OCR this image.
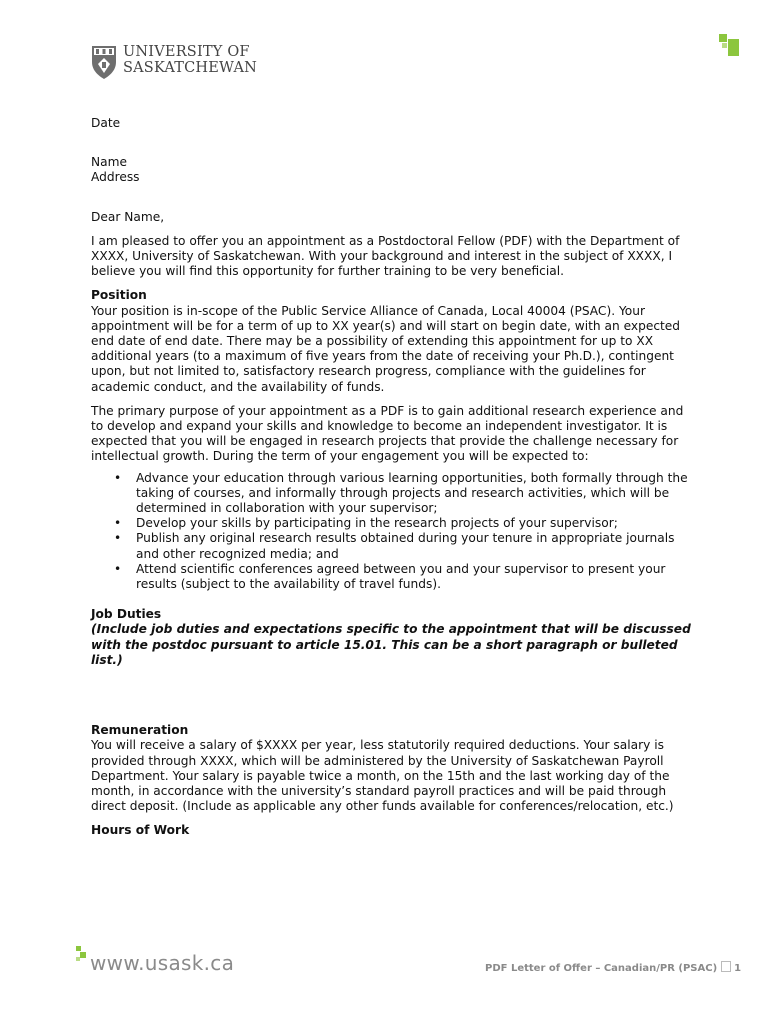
UNIVERSITY OF
SASKATCHEWAN

Date

Name

Address

Dear Name,

I am pleased to offer you an appointment as a Postdoctoral Fellow (PDF) with the Department of XXXX, University of Saskatchewan. With your background and interest in the subject of XXXX, I believe you will find this opportunity for further training to be very beneficial.

Position

Your position is in-scope of the Public Service Alliance of Canada, Local 40004 (PSAC). Your appointment will be for a term of up to XX year(s) and will start on begin date, with an expected end date of end date. There may be a possibility of extending this appointment for up to XX additional years (to a maximum of five years from the date of receiving your Ph.D.), contingent upon, but not limited to, satisfactory research progress, compliance with the guidelines for academic conduct, and the availability of funds.

The primary purpose of your appointment as a PDF is to gain additional research experience and to develop and expand your skills and knowledge to become an independent investigator. It is expected that you will be engaged in research projects that provide the challenge necessary for intellectual growth. During the term of your engagement you will be expected to:

• Advance your education through various learning opportunities, both formally through the taking of courses, and informally through projects and research activities, which will be determined in collaboration with your supervisor;
• Develop your skills by participating in the research projects of your supervisor;
• Publish any original research results obtained during your tenure in appropriate journals and other recognized media; and
• Attend scientific conferences agreed between you and your supervisor to present your results (subject to the availability of travel funds).

Job Duties

(Include job duties and expectations specific to the appointment that will be discussed with the postdoc pursuant to article 15.01. This can be a short paragraph or bulleted list.)

Remuneration

You will receive a salary of $XXXX per year, less statutorily required deductions. Your salary is provided through XXXX, which will be administered by the University of Saskatchewan Payroll Department. Your salary is payable twice a month, on the 15th and the last working day of the month, in accordance with the university’s standard payroll practices and will be paid through direct deposit. (Include as applicable any other funds available for conferences/relocation, etc.)

Hours of Work

www.usask.ca	PDF Letter of Offer – Canadian/PR (PSAC) 1
